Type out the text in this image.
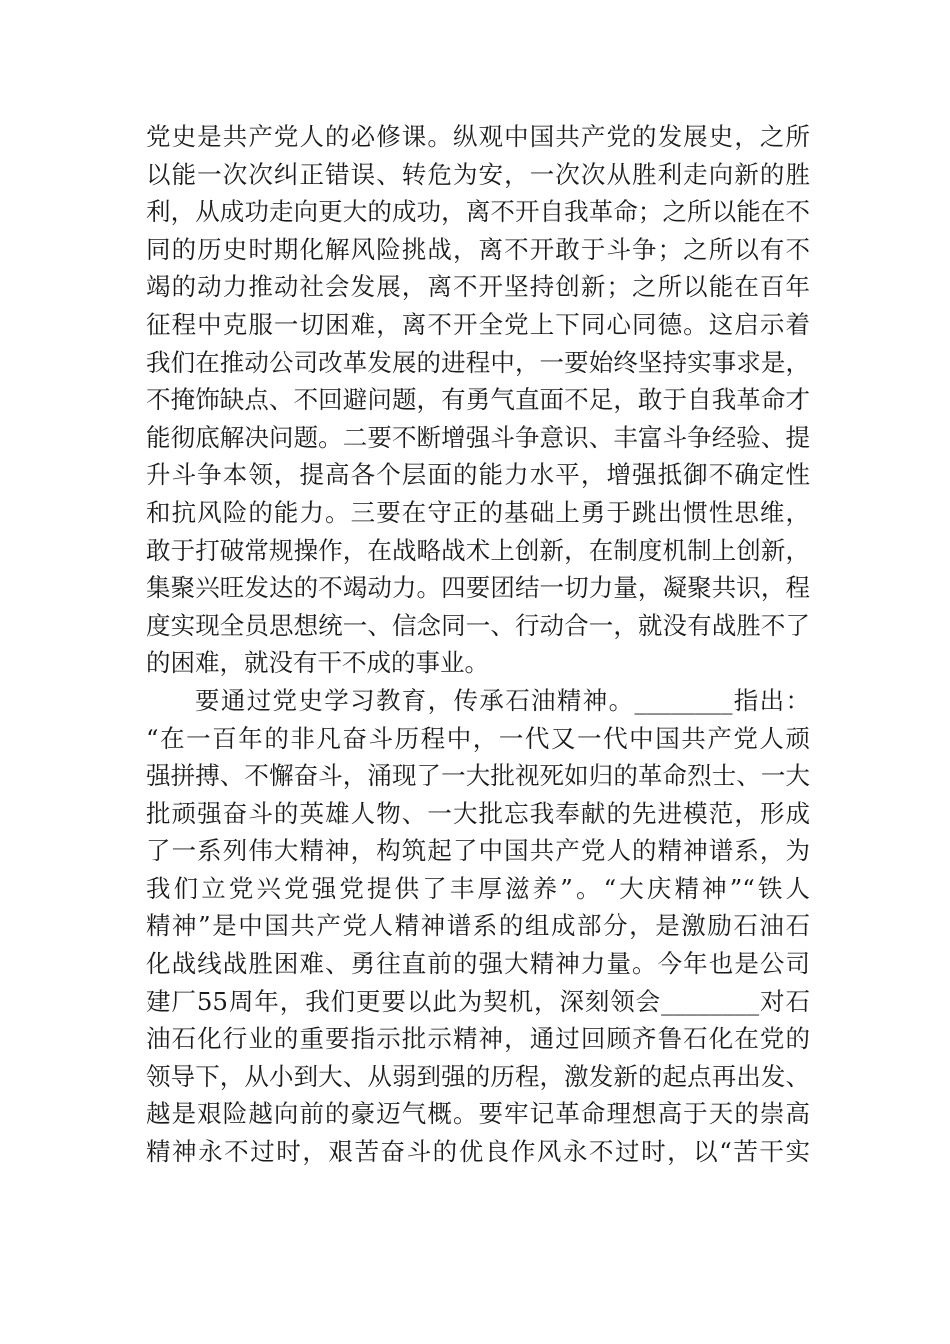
党史是共产党人的必修课。纵观中国共产党的发展史，之所
以能一次次纠正错误、转危为安，一次次从胜利走向新的胜
利，从成功走向更大的成功，离不开自我革命；之所以能在不
同的历史时期化解风险挑战，离不开敢于斗争；之所以有不
竭的动力推动社会发展，离不开坚持创新；之所以能在百年
征程中克服一切困难，离不开全党上下同心同德。这启示着
我们在推动公司改革发展的进程中，一要始终坚持实事求是，
不掩饰缺点、不回避问题，有勇气直面不足，敢于自我革命才
能彻底解决问题。二要不断增强斗争意识、丰富斗争经验、提
升斗争本领，提高各个层面的能力水平，增强抵御不确定性
和抗风险的能力。三要在守正的基础上勇于跳出惯性思维，
敢于打破常规操作，在战略战术上创新，在制度机制上创新，
集聚兴旺发达的不竭动力。四要团结一切力量，凝聚共识，程
度实现全员思想统一、信念同一、行动合一，就没有战胜不了
的困难，就没有干不成的事业。
要通过党史学习教育，传承石油精神。________指出：
“在一百年的非凡奋斗历程中，一代又一代中国共产党人顽
强拼搏、不懈奋斗，涌现了一大批视死如归的革命烈士、一大
批顽强奋斗的英雄人物、一大批忘我奉献的先进模范，形成
了一系列伟大精神，构筑起了中国共产党人的精神谱系，为
我们立党兴党强党提供了丰厚滋养”。“大庆精神”“铁人
精神”是中国共产党人精神谱系的组成部分，是激励石油石
化战线战胜困难、勇往直前的强大精神力量。今年也是公司
建厂55周年，我们更要以此为契机，深刻领会________对石
油石化行业的重要指示批示精神，通过回顾齐鲁石化在党的
领导下，从小到大、从弱到强的历程，激发新的起点再出发、
越是艰险越向前的豪迈气概。要牢记革命理想高于天的崇高
精神永不过时，艰苦奋斗的优良作风永不过时，以“苦干实
